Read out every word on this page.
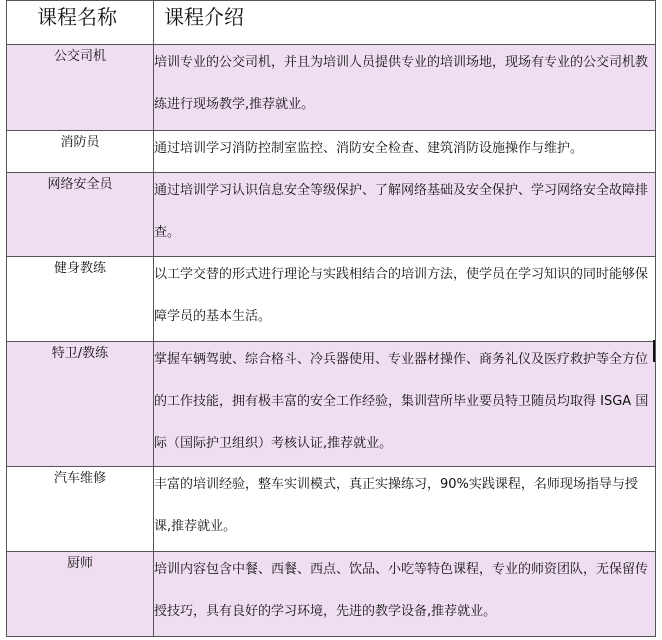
课程名称	课程介绍
公交司机	培训专业的公交司机，并且为培训人员提供专业的培训场地，现场有专业的公交司机教练进行现场教学,推荐就业。

消防员	通过培训学习消防控制室监控、消防安全检查、建筑消防设施操作与维护。

网络安全员	通过培训学习认识信息安全等级保护、了解网络基础及安全保护、学习网络安全故障排查。

健身教练	以工学交替的形式进行理论与实践相结合的培训方法，使学员在学习知识的同时能够保障学员的基本生活。

特卫/教练	掌握车辆驾驶、综合格斗、冷兵器使用、专业器材操作、商务礼仪及医疗救护等全方位的工作技能，拥有极丰富的安全工作经验，集训营所毕业要员特卫随员均取得 ISGA 国际（国际护卫组织）考核认证,推荐就业。

汽车维修	丰富的培训经验，整车实训模式，真正实操练习，90%实践课程，名师现场指导与授课,推荐就业。

厨师	培训内容包含中餐、西餐、西点、饮品、小吃等特色课程，专业的师资团队，无保留传授技巧，具有良好的学习环境，先进的教学设备,推荐就业。
